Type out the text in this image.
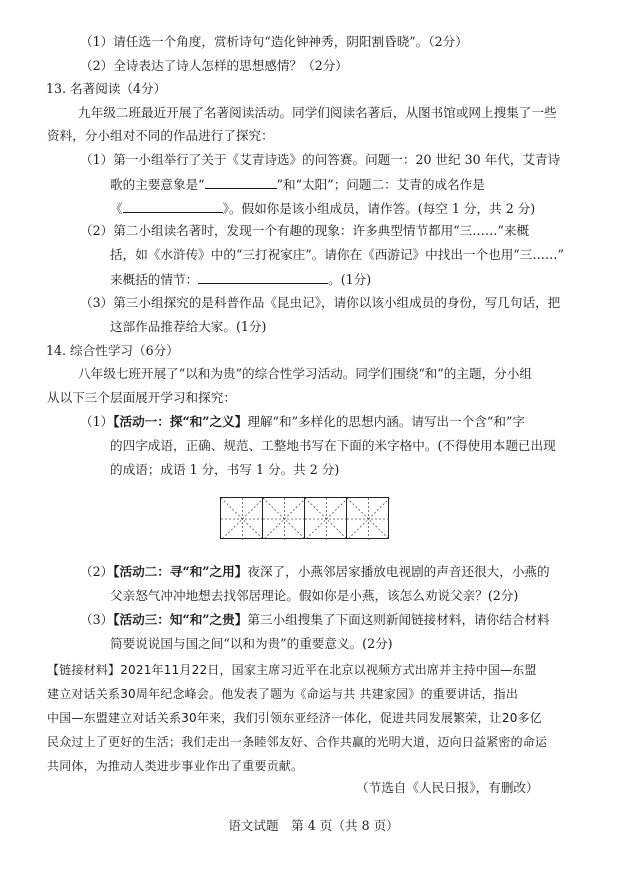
（1）请任选一个角度，赏析诗句“造化钟神秀，阴阳割昏晓”。（2分）
（2）全诗表达了诗人怎样的思想感情？（2分）
13. 名著阅读（4分）
九年级二班最近开展了名著阅读活动。同学们阅读名著后，从图书馆或网上搜集了一些
资料，分小组对不同的作品进行了探究：
（1）第一小组举行了关于《艾青诗选》的问答赛。问题一：20 世纪 30 年代，艾青诗
歌的主要意象是“	”和“太阳”；问题二：艾青的成名作是
《	》。假如你是该小组成员，请作答。(每空 1 分，共 2 分)
（2）第二小组读名著时，发现一个有趣的现象：许多典型情节都用“三……”来概
括，如《水浒传》中的“三打祝家庄”。请你在《西游记》中找出一个也用“三……”
来概括的情节：	。(1分)
（3）第三小组探究的是科普作品《昆虫记》，请你以该小组成员的身份，写几句话，把
这部作品推荐给大家。(1分)
14. 综合性学习（6分）
八年级七班开展了“以和为贵”的综合性学习活动。同学们围绕“和”的主题，分小组
从以下三个层面展开学习和探究：
（1）【活动一：探“和”之义】理解“和”多样化的思想内涵。请写出一个含“和”字
的四字成语，正确、规范、工整地书写在下面的米字格中。(不得使用本题已出现
的成语；成语 1 分，书写 1 分。共 2 分)
（2）【活动二：寻“和”之用】夜深了，小燕邻居家播放电视剧的声音还很大，小燕的
父亲怒气冲冲地想去找邻居理论。假如你是小燕，该怎么劝说父亲？(2分)
（3）【活动三：知“和”之贵】第三小组搜集了下面这则新闻链接材料，请你结合材料
简要说说国与国之间“以和为贵”的重要意义。(2分)
【链接材料】2021年11月22日，国家主席习近平在北京以视频方式出席并主持中国—东盟
建立对话关系30周年纪念峰会。他发表了题为《命运与共 共建家园》的重要讲话，指出
中国—东盟建立对话关系30年来，我们引领东亚经济一体化，促进共同发展繁荣，让20多亿
民众过上了更好的生活；我们走出一条睦邻友好、合作共赢的光明大道，迈向日益紧密的命运
共同体，为推动人类进步事业作出了重要贡献。
（节选自《人民日报》，有删改）
语文试题　第 4 页（共 8 页）
